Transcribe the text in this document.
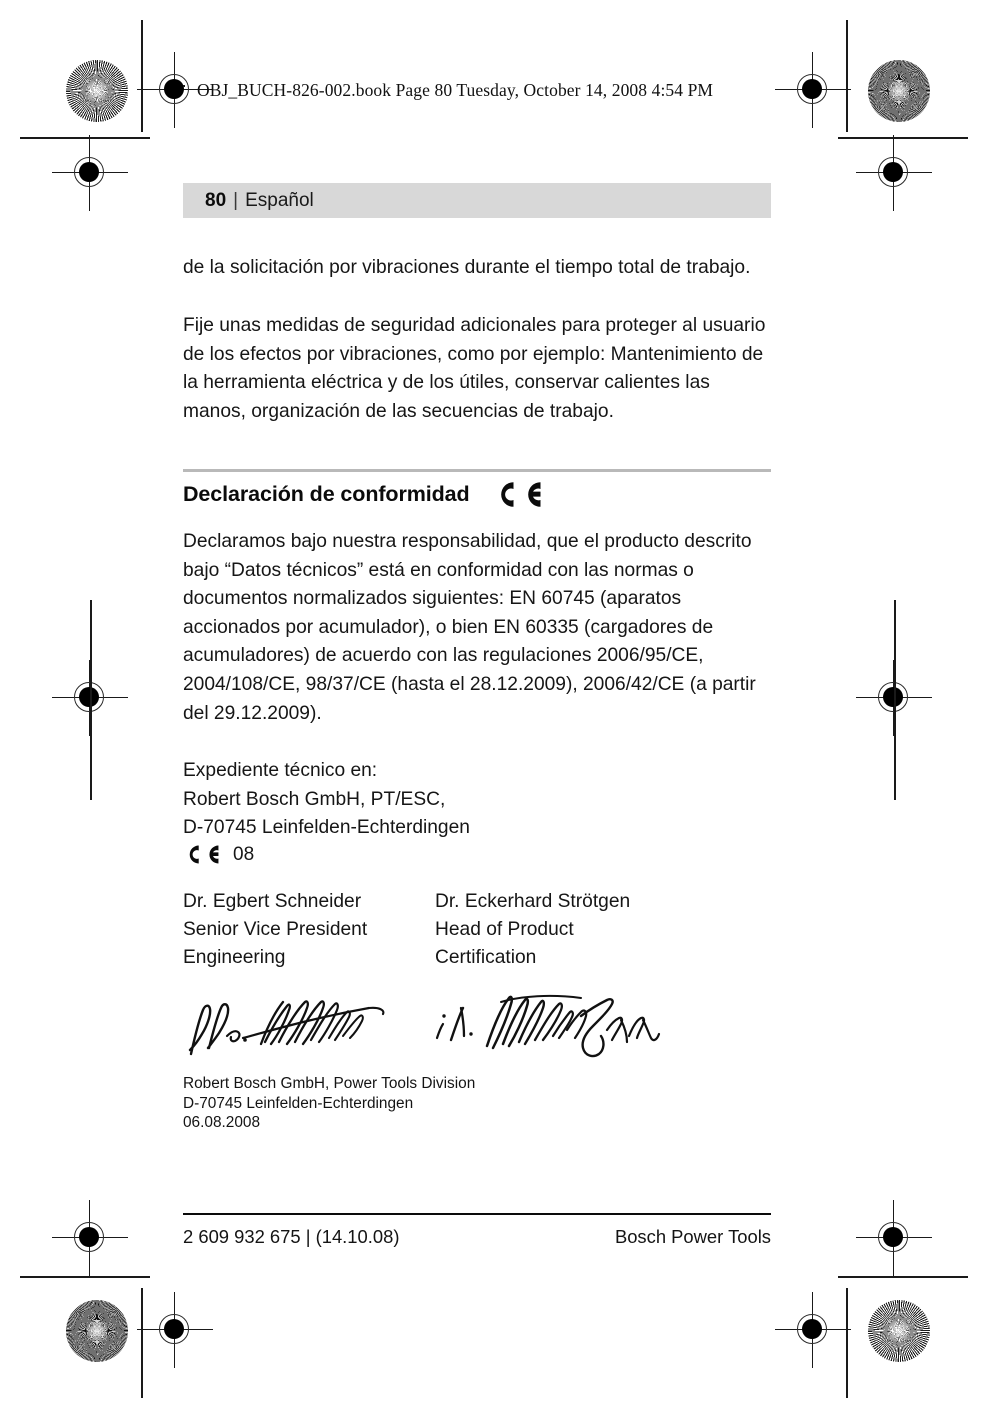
OBJ_BUCH-826-002.book Page 80 Tuesday, October 14, 2008 4:54 PM
80 | Español

de la solicitación por vibraciones durante el tiempo total de trabajo.

Fije unas medidas de seguridad adicionales para proteger al usuario de los efectos por vibraciones, como por ejemplo: Mantenimiento de la herramienta eléctrica y de los útiles, conservar calientes las manos, organización de las secuencias de trabajo.

Declaración de conformidad

Declaramos bajo nuestra responsabilidad, que el producto descrito bajo “Datos técnicos” está en conformidad con las normas o documentos normalizados siguientes: EN 60745 (aparatos accionados por acumulador), o bien EN 60335 (cargadores de acumuladores) de acuerdo con las regulaciones 2006/95/CE, 2004/108/CE, 98/37/CE (hasta el 28.12.2009), 2006/42/CE (a partir del 29.12.2009).

Expediente técnico en:

Robert Bosch GmbH, PT/ESC,

D-70745 Leinfelden-Echterdingen

08
Dr. Egbert Schneider
Senior Vice President
Engineering
Dr. Eckerhard Strötgen
Head of Product
Certification
Robert Bosch GmbH, Power Tools Division
D-70745 Leinfelden-Echterdingen
06.08.2008
2 609 932 675 | (14.10.08)	Bosch Power Tools
